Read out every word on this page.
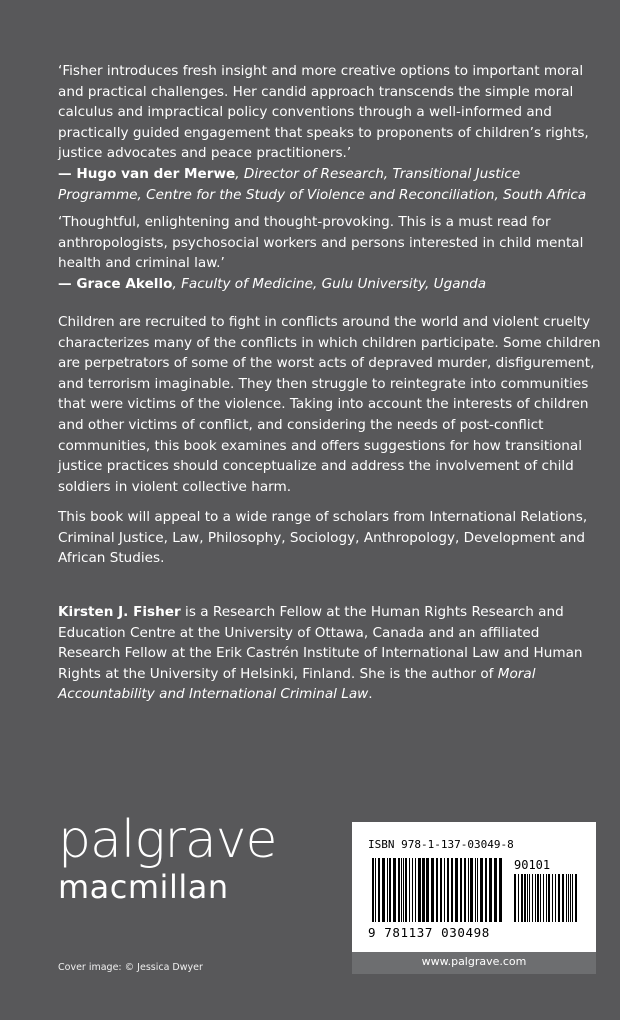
‘Fisher introduces fresh insight and more creative options to important moral and practical challenges. Her candid approach transcends the simple moral calculus and impractical policy conventions through a well-informed and practically guided engagement that speaks to proponents of children’s rights, justice advocates and peace practitioners.’

— Hugo van der Merwe, Director of Research, Transitional Justice Programme, Centre for the Study of Violence and Reconciliation, South Africa

‘Thoughtful, enlightening and thought-provoking. This is a must read for anthropologists, psychosocial workers and persons interested in child mental health and criminal law.’

— Grace Akello, Faculty of Medicine, Gulu University, Uganda

Children are recruited to fight in conflicts around the world and violent cruelty characterizes many of the conflicts in which children participate. Some children are perpetrators of some of the worst acts of depraved murder, disfigurement, and terrorism imaginable. They then struggle to reintegrate into communities that were victims of the violence. Taking into account the interests of children and other victims of conflict, and considering the needs of post-conflict communities, this book examines and offers suggestions for how transitional justice practices should conceptualize and address the involvement of child soldiers in violent collective harm.

This book will appeal to a wide range of scholars from International Relations, Criminal Justice, Law, Philosophy, Sociology, Anthropology, Development and African Studies.

Kirsten J. Fisher is a Research Fellow at the Human Rights Research and Education Centre at the University of Ottawa, Canada and an affiliated Research Fellow at the Erik Castrén Institute of International Law and Human Rights at the University of Helsinki, Finland. She is the author of Moral Accountability and International Criminal Law.

palgrave
macmillan
Cover image: © Jessica Dwyer
ISBN 978-1-137-03049-8
90101
9 781137 030498
www.palgrave.com
